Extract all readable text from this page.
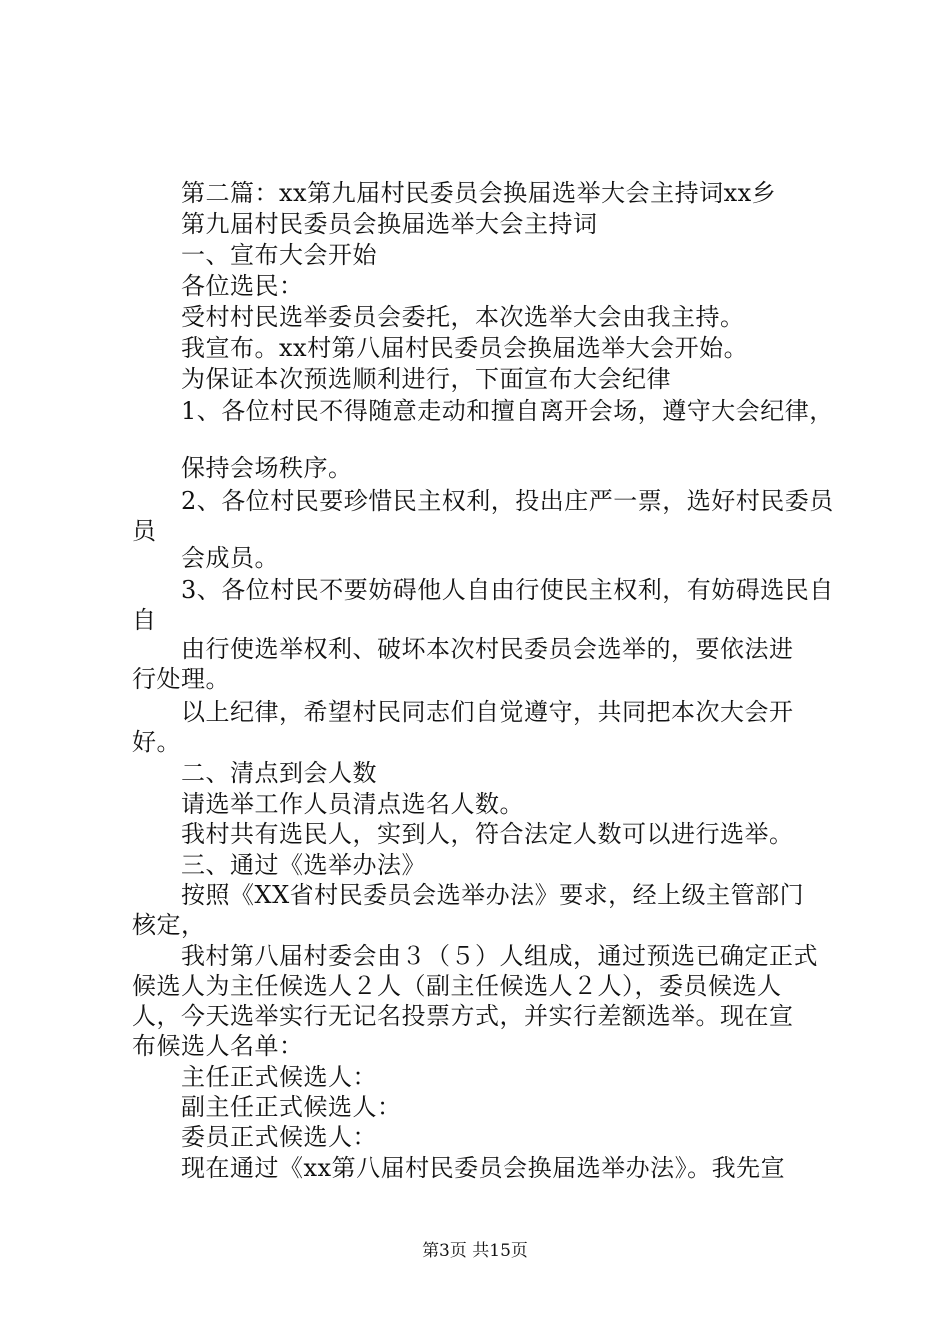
第二篇：xx第九届村民委员会换届选举大会主持词xx乡
第九届村民委员会换届选举大会主持词
一、宣布大会开始
各位选民：
受村村民选举委员会委托，本次选举大会由我主持。
我宣布。xx村第八届村民委员会换届选举大会开始。
为保证本次预选顺利进行，下面宣布大会纪律
1、各位村民不得随意走动和擅自离开会场，遵守大会纪律，
保持会场秩序。
2、各位村民要珍惜民主权利，投出庄严一票，选好村民委员
员
会成员。
3、各位村民不要妨碍他人自由行使民主权利，有妨碍选民自
自
由行使选举权利、破坏本次村民委员会选举的，要依法进
行处理。
以上纪律，希望村民同志们自觉遵守，共同把本次大会开
好。
二、清点到会人数
请选举工作人员清点选名人数。
我村共有选民人，实到人，符合法定人数可以进行选举。
三、通过《选举办法》
按照《XX省村民委员会选举办法》要求，经上级主管部门
核定，
我村第八届村委会由３（５）人组成，通过预选已确定正式
候选人为主任候选人２人（副主任候选人２人），委员候选人
人，今天选举实行无记名投票方式，并实行差额选举。现在宣
布候选人名单：
主任正式候选人：
副主任正式候选人：
委员正式候选人：
现在通过《xx第八届村民委员会换届选举办法》。我先宣
第3页 共15页
